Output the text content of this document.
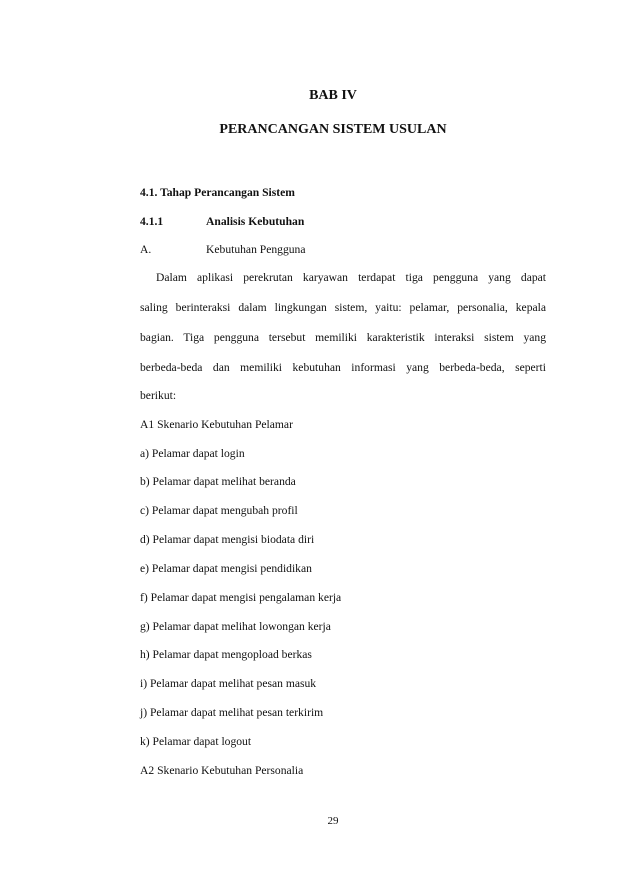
BAB IV
PERANCANGAN SISTEM USULAN
4.1. Tahap Perancangan Sistem
4.1.1	Analisis Kebutuhan
A.	Kebutuhan Pengguna
Dalam aplikasi perekrutan karyawan terdapat tiga pengguna yang dapat
saling berinteraksi dalam lingkungan sistem, yaitu: pelamar, personalia, kepala
bagian. Tiga pengguna tersebut memiliki karakteristik interaksi sistem yang
berbeda-beda dan memiliki kebutuhan informasi yang berbeda-beda, seperti
berikut:
A1 Skenario Kebutuhan Pelamar
a) Pelamar dapat login
b) Pelamar dapat melihat beranda
c) Pelamar dapat mengubah profil
d) Pelamar dapat mengisi biodata diri
e) Pelamar dapat mengisi pendidikan
f) Pelamar dapat mengisi pengalaman kerja
g) Pelamar dapat melihat lowongan kerja
h) Pelamar dapat mengopload berkas
i) Pelamar dapat melihat pesan masuk
j) Pelamar dapat melihat pesan terkirim
k) Pelamar dapat logout
A2 Skenario Kebutuhan Personalia
29
